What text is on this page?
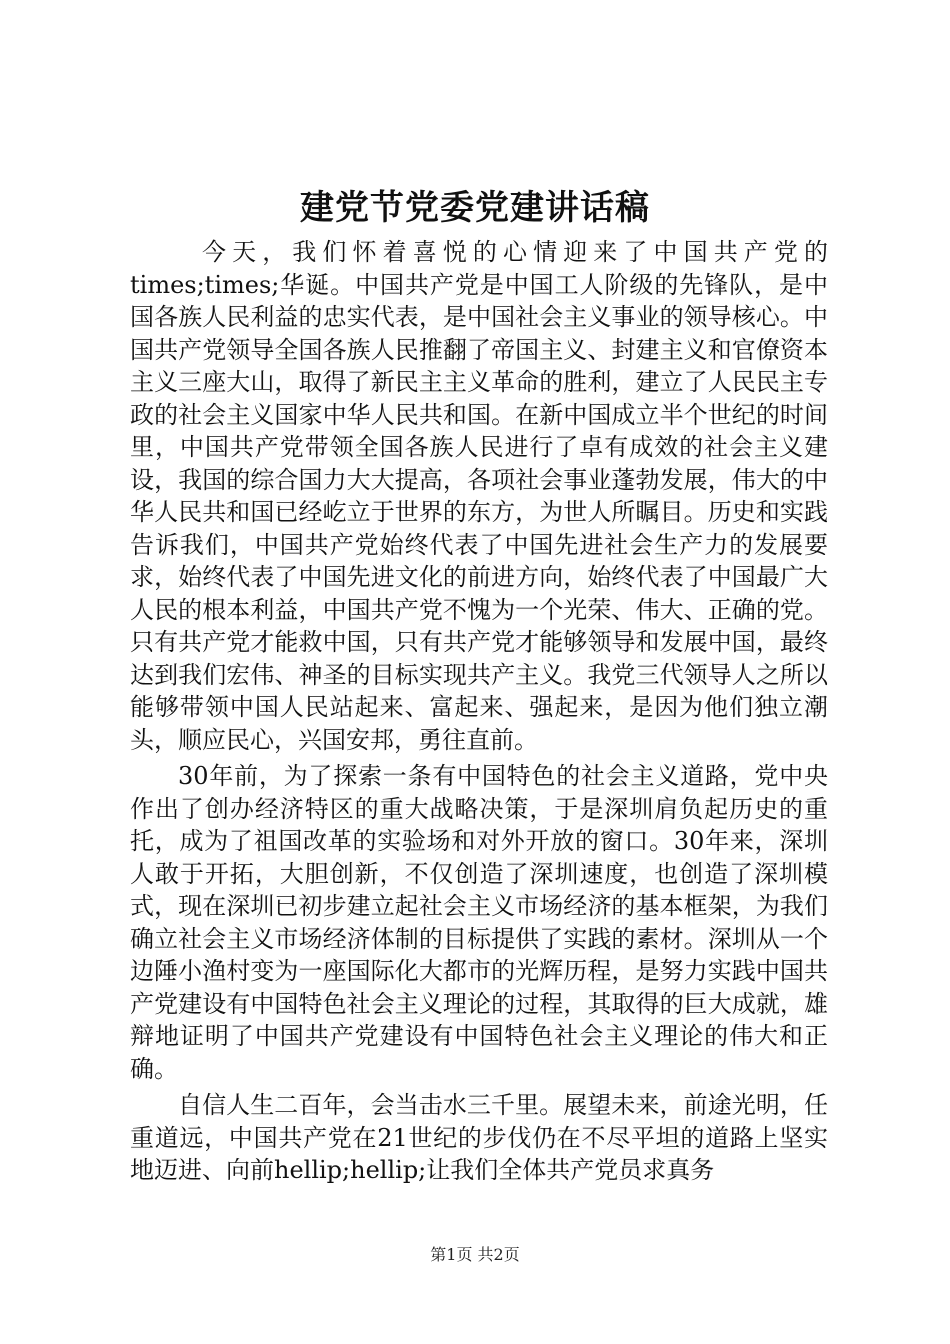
建党节党委党建讲话稿

今天，我们怀着喜悦的心情迎来了中国共产党的times;times;华诞。中国共产党是中国工人阶级的先锋队，是中国各族人民利益的忠实代表，是中国社会主义事业的领导核心。中国共产党领导全国各族人民推翻了帝国主义、封建主义和官僚资本主义三座大山，取得了新民主主义革命的胜利，建立了人民民主专政的社会主义国家中华人民共和国。在新中国成立半个世纪的时间里，中国共产党带领全国各族人民进行了卓有成效的社会主义建设，我国的综合国力大大提高，各项社会事业蓬勃发展，伟大的中华人民共和国已经屹立于世界的东方，为世人所瞩目。历史和实践告诉我们，中国共产党始终代表了中国先进社会生产力的发展要求，始终代表了中国先进文化的前进方向，始终代表了中国最广大人民的根本利益，中国共产党不愧为一个光荣、伟大、正确的党。只有共产党才能救中国，只有共产党才能够领导和发展中国，最终达到我们宏伟、神圣的目标实现共产主义。我党三代领导人之所以能够带领中国人民站起来、富起来、强起来，是因为他们独立潮头，顺应民心，兴国安邦，勇往直前。

30年前，为了探索一条有中国特色的社会主义道路，党中央作出了创办经济特区的重大战略决策，于是深圳肩负起历史的重托，成为了祖国改革的实验场和对外开放的窗口。30年来，深圳人敢于开拓，大胆创新，不仅创造了深圳速度，也创造了深圳模式，现在深圳已初步建立起社会主义市场经济的基本框架，为我们确立社会主义市场经济体制的目标提供了实践的素材。深圳从一个边陲小渔村变为一座国际化大都市的光辉历程，是努力实践中国共产党建设有中国特色社会主义理论的过程，其取得的巨大成就，雄辩地证明了中国共产党建设有中国特色社会主义理论的伟大和正确。

自信人生二百年，会当击水三千里。展望未来，前途光明，任重道远，中国共产党在21世纪的步伐仍在不尽平坦的道路上坚实地迈进、向前hellip;hellip;让我们全体共产党员求真务

第1页 共2页
